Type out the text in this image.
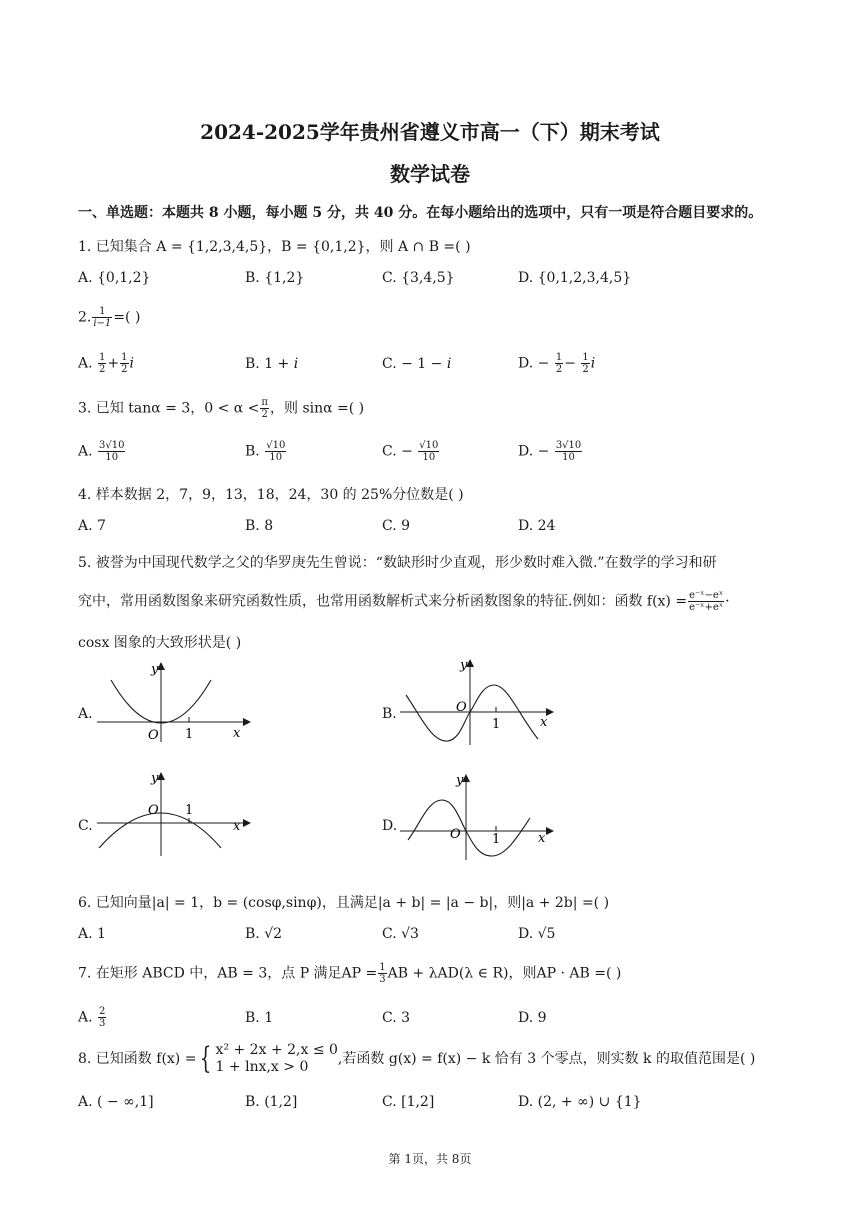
2024-2025学年贵州省遵义市高一（下）期末考试
数学试卷
一、单选题：本题共 8 小题，每小题 5 分，共 40 分。在每小题给出的选项中，只有一项是符合题目要求的。
1. 已知集合 A = {1,2,3,4,5}，B = {0,1,2}，则 A ∩ B =( )
A. {0,1,2}	B. {1,2}	C. {3,4,5}	D. {0,1,2,3,4,5}
2. $\frac{1}{i-1}$ =( )
A. $\frac{1}{2} + \frac{1}{2}$ i	B. 1 + i	C. − 1 − i	D. − $\frac{1}{2} - \frac{1}{2}$ i
3. 已知 tanα = 3，$0 < \alpha < \frac{\pi}{2}$ ，则 sinα =( )
A. $\frac{3√10}{10}$	B. $\frac{√10}{10}$	C. − $\frac{√10}{10}$	D. − $\frac{3√10}{10}$
4. 样本数据 2，7，9，13，18，24，30 的 25%分位数是( )
A. 7	B. 8	C. 9	D. 24
5. 被誉为中国现代数学之父的华罗庚先生曾说：“数缺形时少直观，形少数时难入微.”在数学的学习和研
究中，常用函数图象来研究函数性质，也常用函数解析式来分析函数图象的特征.例如：函数 $f(x) = \frac{\text{e⁻ˣ−eˣ}}{\text{e⁻ˣ+eˣ}}$ ·
cosx 图象的大致形状是( )
A.
y
x
O 1
B.
y
x
O
1
C.
y
x
O 1
D.
y
x
O 1
6. 已知向量|a| = 1，b = (cosφ,sinφ)，且满足|a + b| = |a − b|，则|a + 2b| =( )
A. 1	B. √2	C. √3	D. √5
7. 在矩形 ABCD 中，AB = 3，点 P 满足AP = $\frac{1}{3}$ AB + λAD(λ ∈ R)，则AP · AB =( )
A. $\frac{2}{3}$	B. 1	C. 3	D. 9
8. 已知函数 f(x) = { x² + 2x + 2,x ≤ 0
1 + lnx,x > 0	,若函数 g(x) = f(x) − k 恰有 3 个零点，则实数 k 的取值范围是( )
A. ( − ∞,1]	B. (1,2]	C. [1,2]	D. (2, + ∞) ∪ {1}
第 1页，共 8页
